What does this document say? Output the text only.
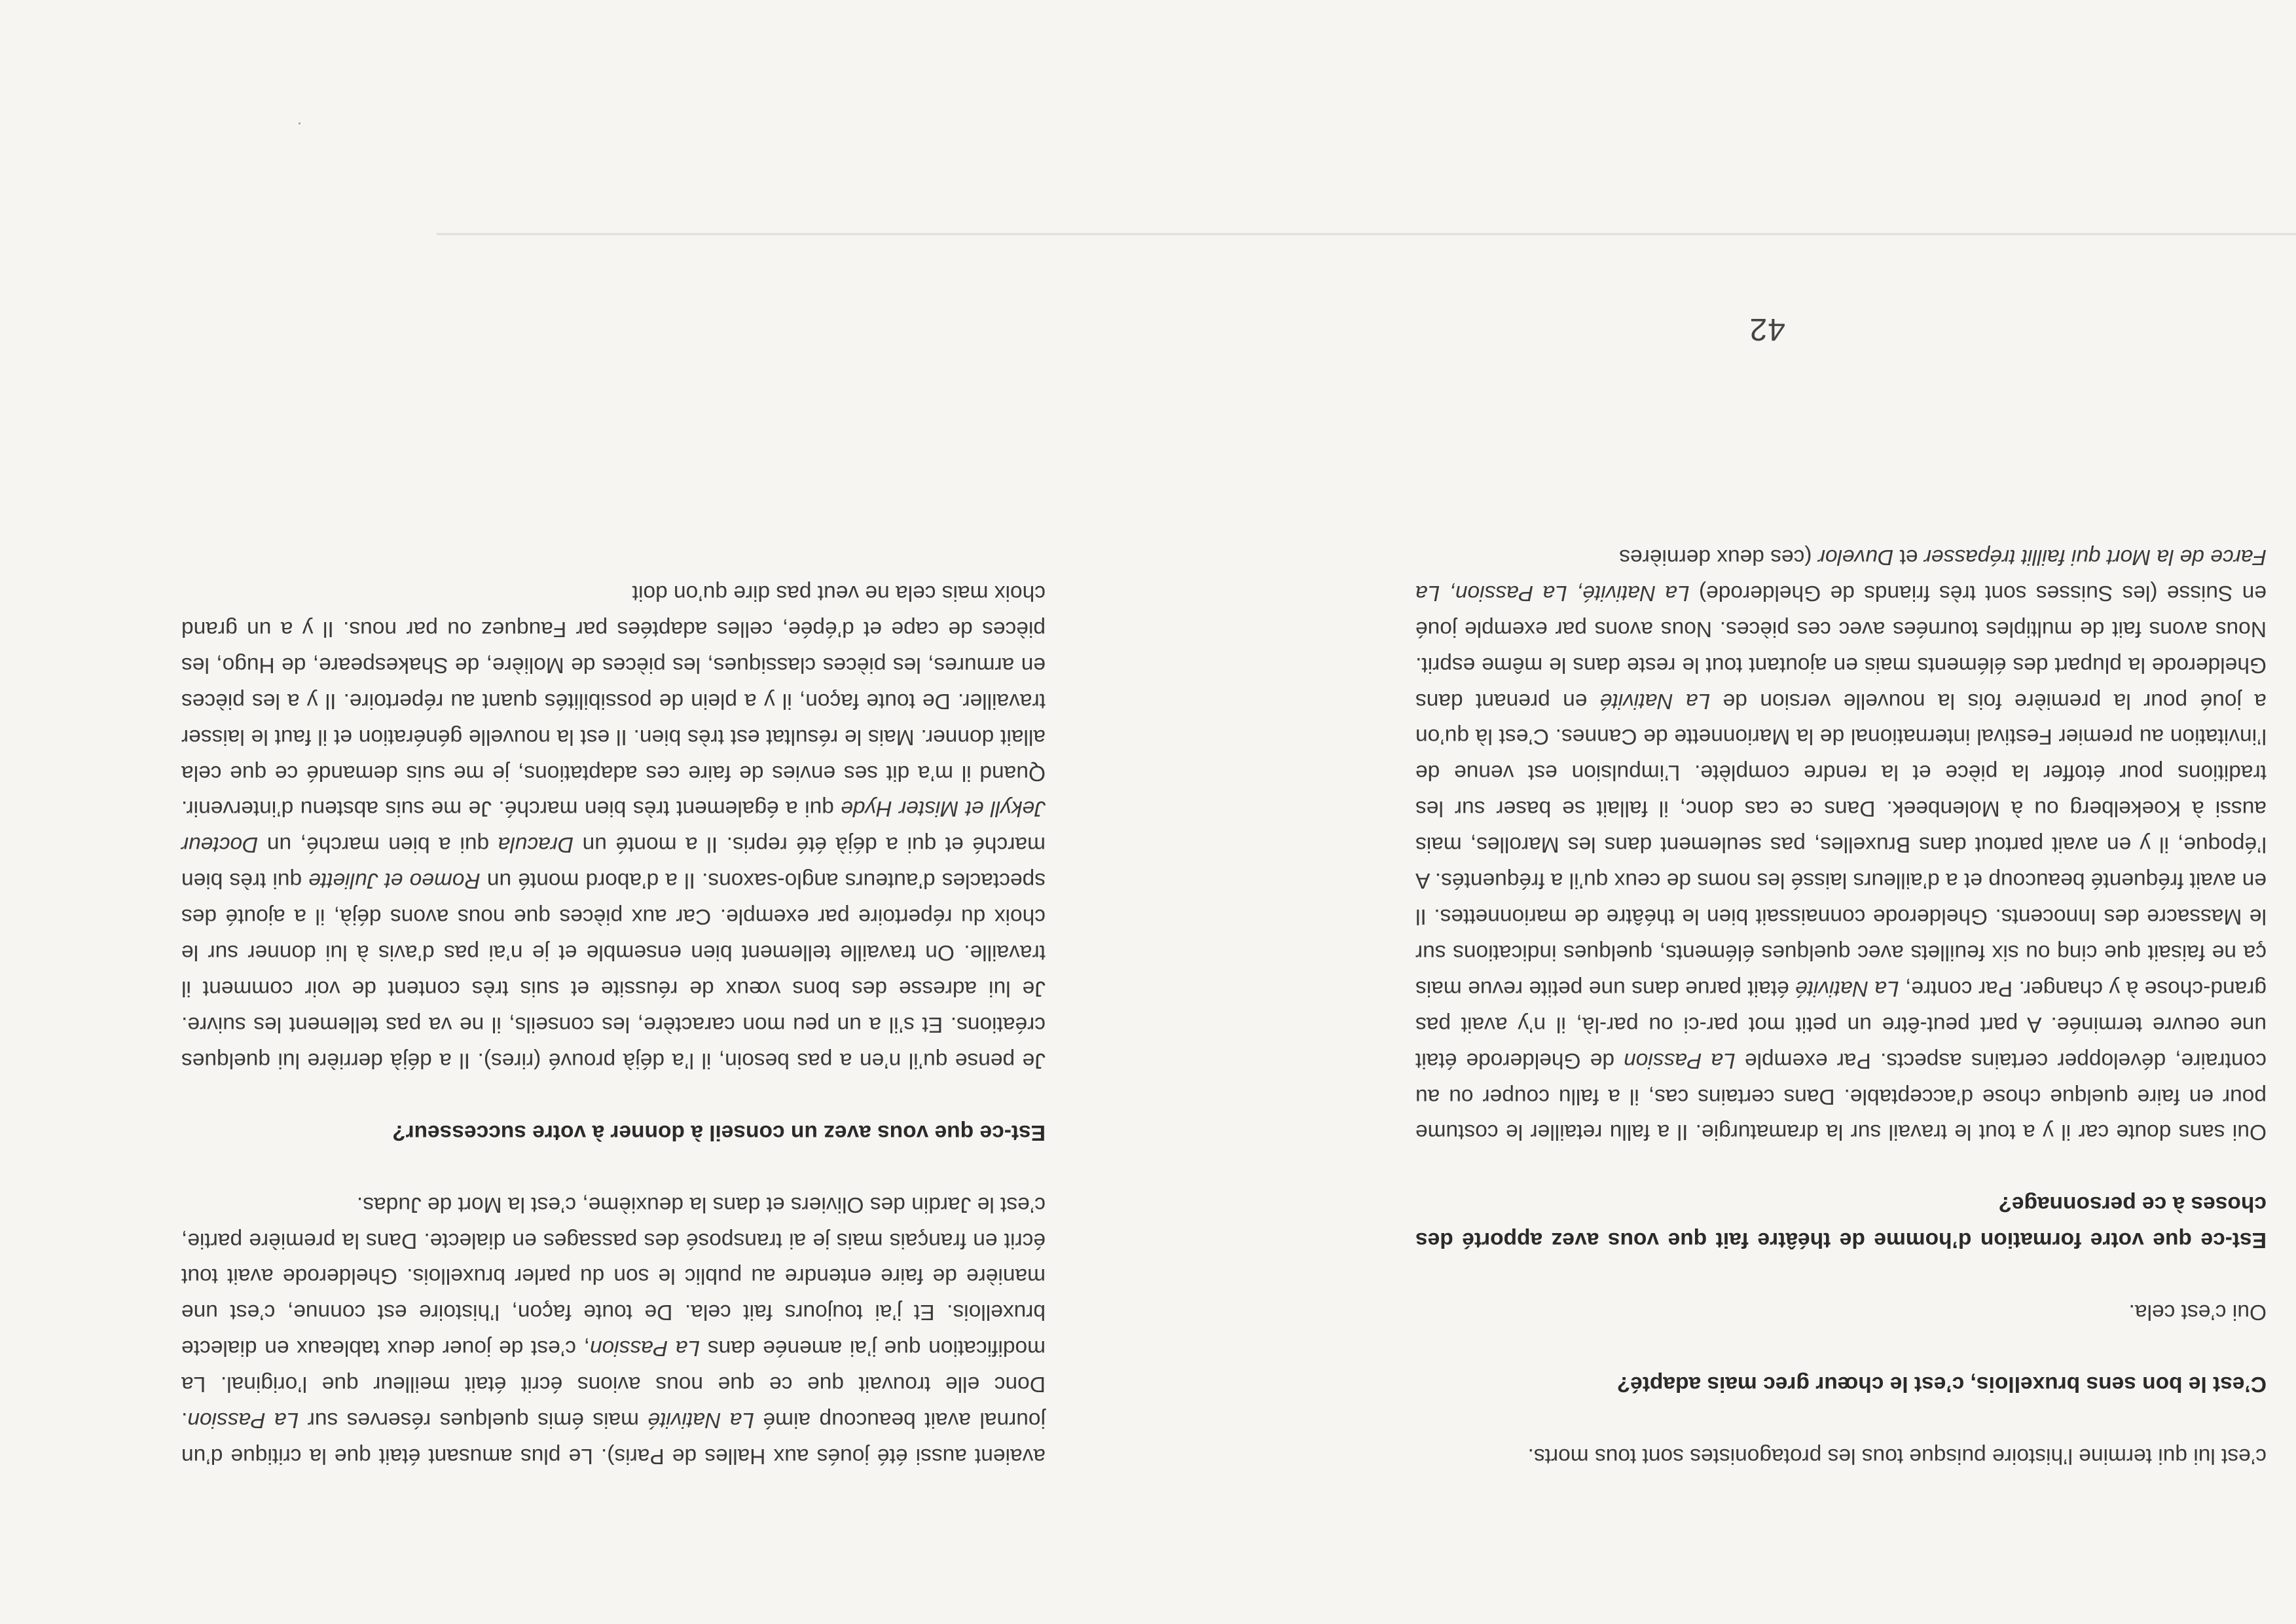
42

c’est lui qui termine l’histoire puisque tous les protagonistes sont tous morts.

C’est le bon sens bruxellois, c’est le chœur grec mais adapté?

Oui c’est cela.

Est-ce que votre formation d’homme de théâtre fait que vous avez apporté des choses à ce personnage?

Oui sans doute car il y a tout le travail sur la dramaturgie. Il a fallu retailler le costume pour en faire quelque chose d’acceptable. Dans certains cas, il a fallu couper ou au contraire, développer certains aspects. Par exemple La Passion de Ghelderode était une oeuvre terminée. A part peut-être un petit mot par-ci ou par-là, il n’y avait pas grand-chose à y changer. Par contre, La Nativité était parue dans une petite revue mais ça ne faisait que cinq ou six feuillets avec quelques éléments, quelques indications sur le Massacre des Innocents. Ghelderode connaissait bien le théâtre de marionnettes. Il en avait fréquenté beaucoup et a d’ailleurs laissé les noms de ceux qu’il a fréquentés. A l’époque, il y en avait partout dans Bruxelles, pas seulement dans les Marolles, mais aussi à Koekelberg ou à Molenbeek. Dans ce cas donc, il fallait se baser sur les traditions pour étoffer la pièce et la rendre complète. L’impulsion est venue de l’invitation au premier Festival international de la Marionnette de Cannes. C’est là qu’on a joué pour la première fois la nouvelle version de La Nativité en prenant dans Ghelderode la plupart des éléments mais en ajoutant tout le reste dans le même esprit. Nous avons fait de multiples tournées avec ces pièces. Nous avons par exemple joué en Suisse (les Suisses sont très friands de Ghelderode) La Nativité, La Passion, La Farce de la Mort qui faillit trépasser et Duvelor (ces deux dernières

avaient aussi été joués aux Halles de Paris). Le plus amusant était que la critique d’un journal avait beaucoup aimé La Nativité mais émis quelques réserves sur La Passion. Donc elle trouvait que ce que nous avions écrit était meilleur que l’original. La modification que j’ai amenée dans La Passion, c’est de jouer deux tableaux en dialecte bruxellois. Et j’ai toujours fait cela. De toute façon, l’histoire est connue, c’est une manière de faire entendre au public le son du parler bruxellois. Ghelderode avait tout écrit en français mais je ai transposé des passages en dialecte. Dans la première partie, c’est le Jardin des Oliviers et dans la deuxième, c’est la Mort de Judas.

Est-ce que vous avez un conseil à donner à votre successeur?

Je pense qu’il n’en a pas besoin, il l’a déjà prouvé (rires). Il a déjà derrière lui quelques créations. Et s’il a un peu mon caractère, les conseils, il ne va pas tellement les suivre. Je lui adresse des bons vœux de réussite et suis très content de voir comment il travaille. On travaille tellement bien ensemble et je n’ai pas d’avis à lui donner sur le choix du répertoire par exemple. Car aux pièces que nous avons déjà, il a ajouté des spectacles d’auteurs anglo-saxons. Il a d’abord monté un Romeo et Juliette qui très bien marché et qui a déjà été repris. Il a monté un Dracula qui a bien marché, un Docteur Jekyll et Mister Hyde qui a également très bien marché. Je me suis abstenu d’intervenir. Quand il m’a dit ses envies de faire ces adaptations, je me suis demandé ce que cela allait donner. Mais le résultat est très bien. Il est la nouvelle génération et il faut le laisser travailler. De toute façon, il y a plein de possibilités quant au répertoire. Il y a les pièces en armures, les pièces classiques, les pièces de Molière, de Shakespeare, de Hugo, les pièces de cape et d’épée, celles adaptées par Fauquez ou par nous. Il y a un grand choix mais cela ne veut pas dire qu’on doit
